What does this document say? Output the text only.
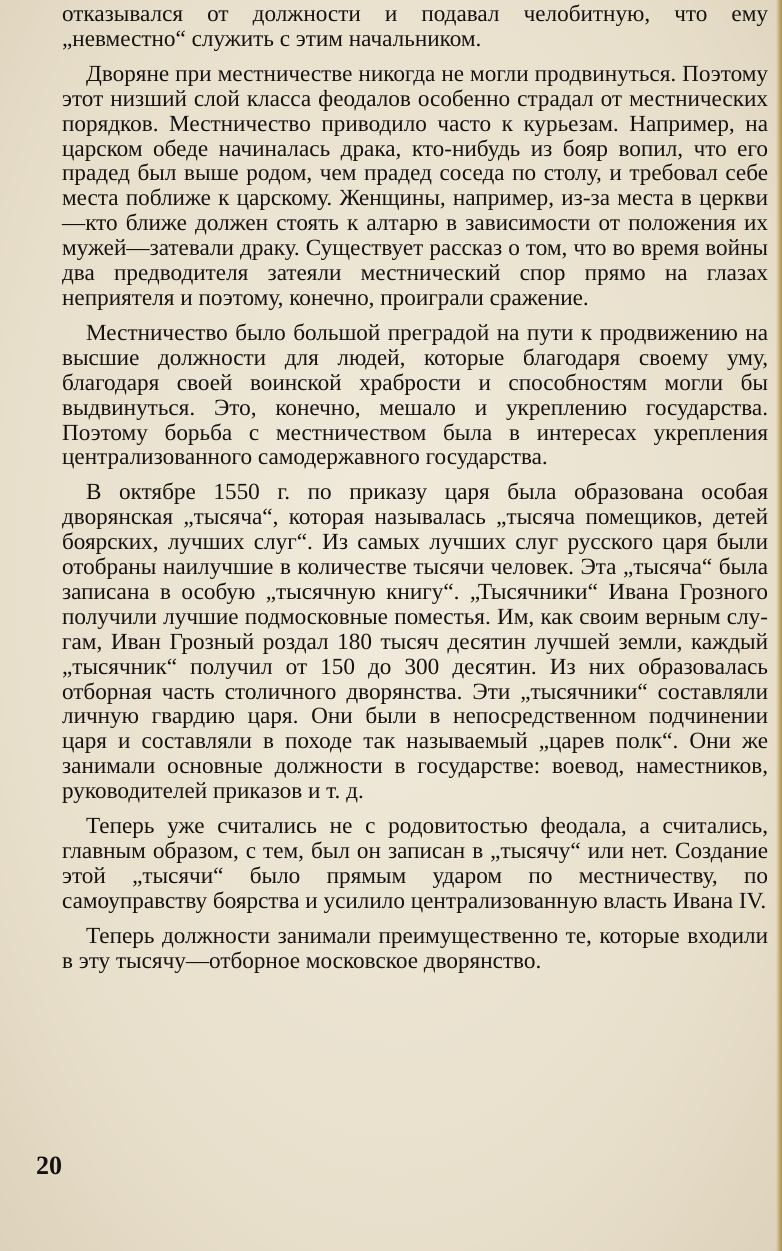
отказывался от должности и подавал челобитную, что ему „невместно“ служить с этим начальником.

Дворяне при местничестве никогда не могли продвинуться. Поэтому этот низший слой класса феодалов особенно страдал от местнических порядков. Местничество приводило часто к курьезам. Например, на царском обеде начиналась драка, кто-нибудь из бояр вопил, что его прадед был выше родом, чем прадед соседа по столу, и требовал себе места поближе к царскому. Женщины, например, из-за места в церкви—кто ближе должен стоять к алтарю в зависимости от положения их мужей—затевали драку. Существует рассказ о том, что во время войны два предводителя затеяли местнический спор прямо на глазах неприятеля и поэтому, конечно, проиграли сражение.

Местничество было большой преградой на пути к продвижению на высшие должности для людей, которые благодаря своему уму, благодаря своей воинской храбрости и способностям могли бы выдвинуться. Это, конечно, мешало и укреплению государства. Поэтому борьба с местничеством была в интересах укрепления централизованного самодержавного государства.

В октябре 1550 г. по приказу царя была образована особая дворянская „тысяча“, которая называлась „тысяча помещиков, детей боярских, лучших слуг“. Из самых лучших слуг русского царя были отобраны наилучшие в количестве тысячи человек. Эта „тысяча“ была записана в особую „тысячную книгу“. „Тысячники“ Ивана Грозного получили лучшие подмосковные поместья. Им, как своим верным слугам, Иван Грозный роздал 180 тысяч десятин лучшей земли, каждый „тысячник“ получил от 150 до 300 десятин. Из них образовалась отборная часть столичного дворянства. Эти „тысячники“ составляли личную гвардию царя. Они были в непосредственном подчинении царя и составляли в походе так называемый „царев полк“. Они же занимали основные должности в государстве: воевод, наместников, руководителей приказов и т. д.

Теперь уже считались не с родовитостью феодала, а считались, главным образом, с тем, был он записан в „тысячу“ или нет. Создание этой „тысячи“ было прямым ударом по местничеству, по самоуправству боярства и усилило централизованную власть Ивана IV.

Теперь должности занимали преимущественно те, которые входили в эту тысячу—отборное московское дворянство.

20
